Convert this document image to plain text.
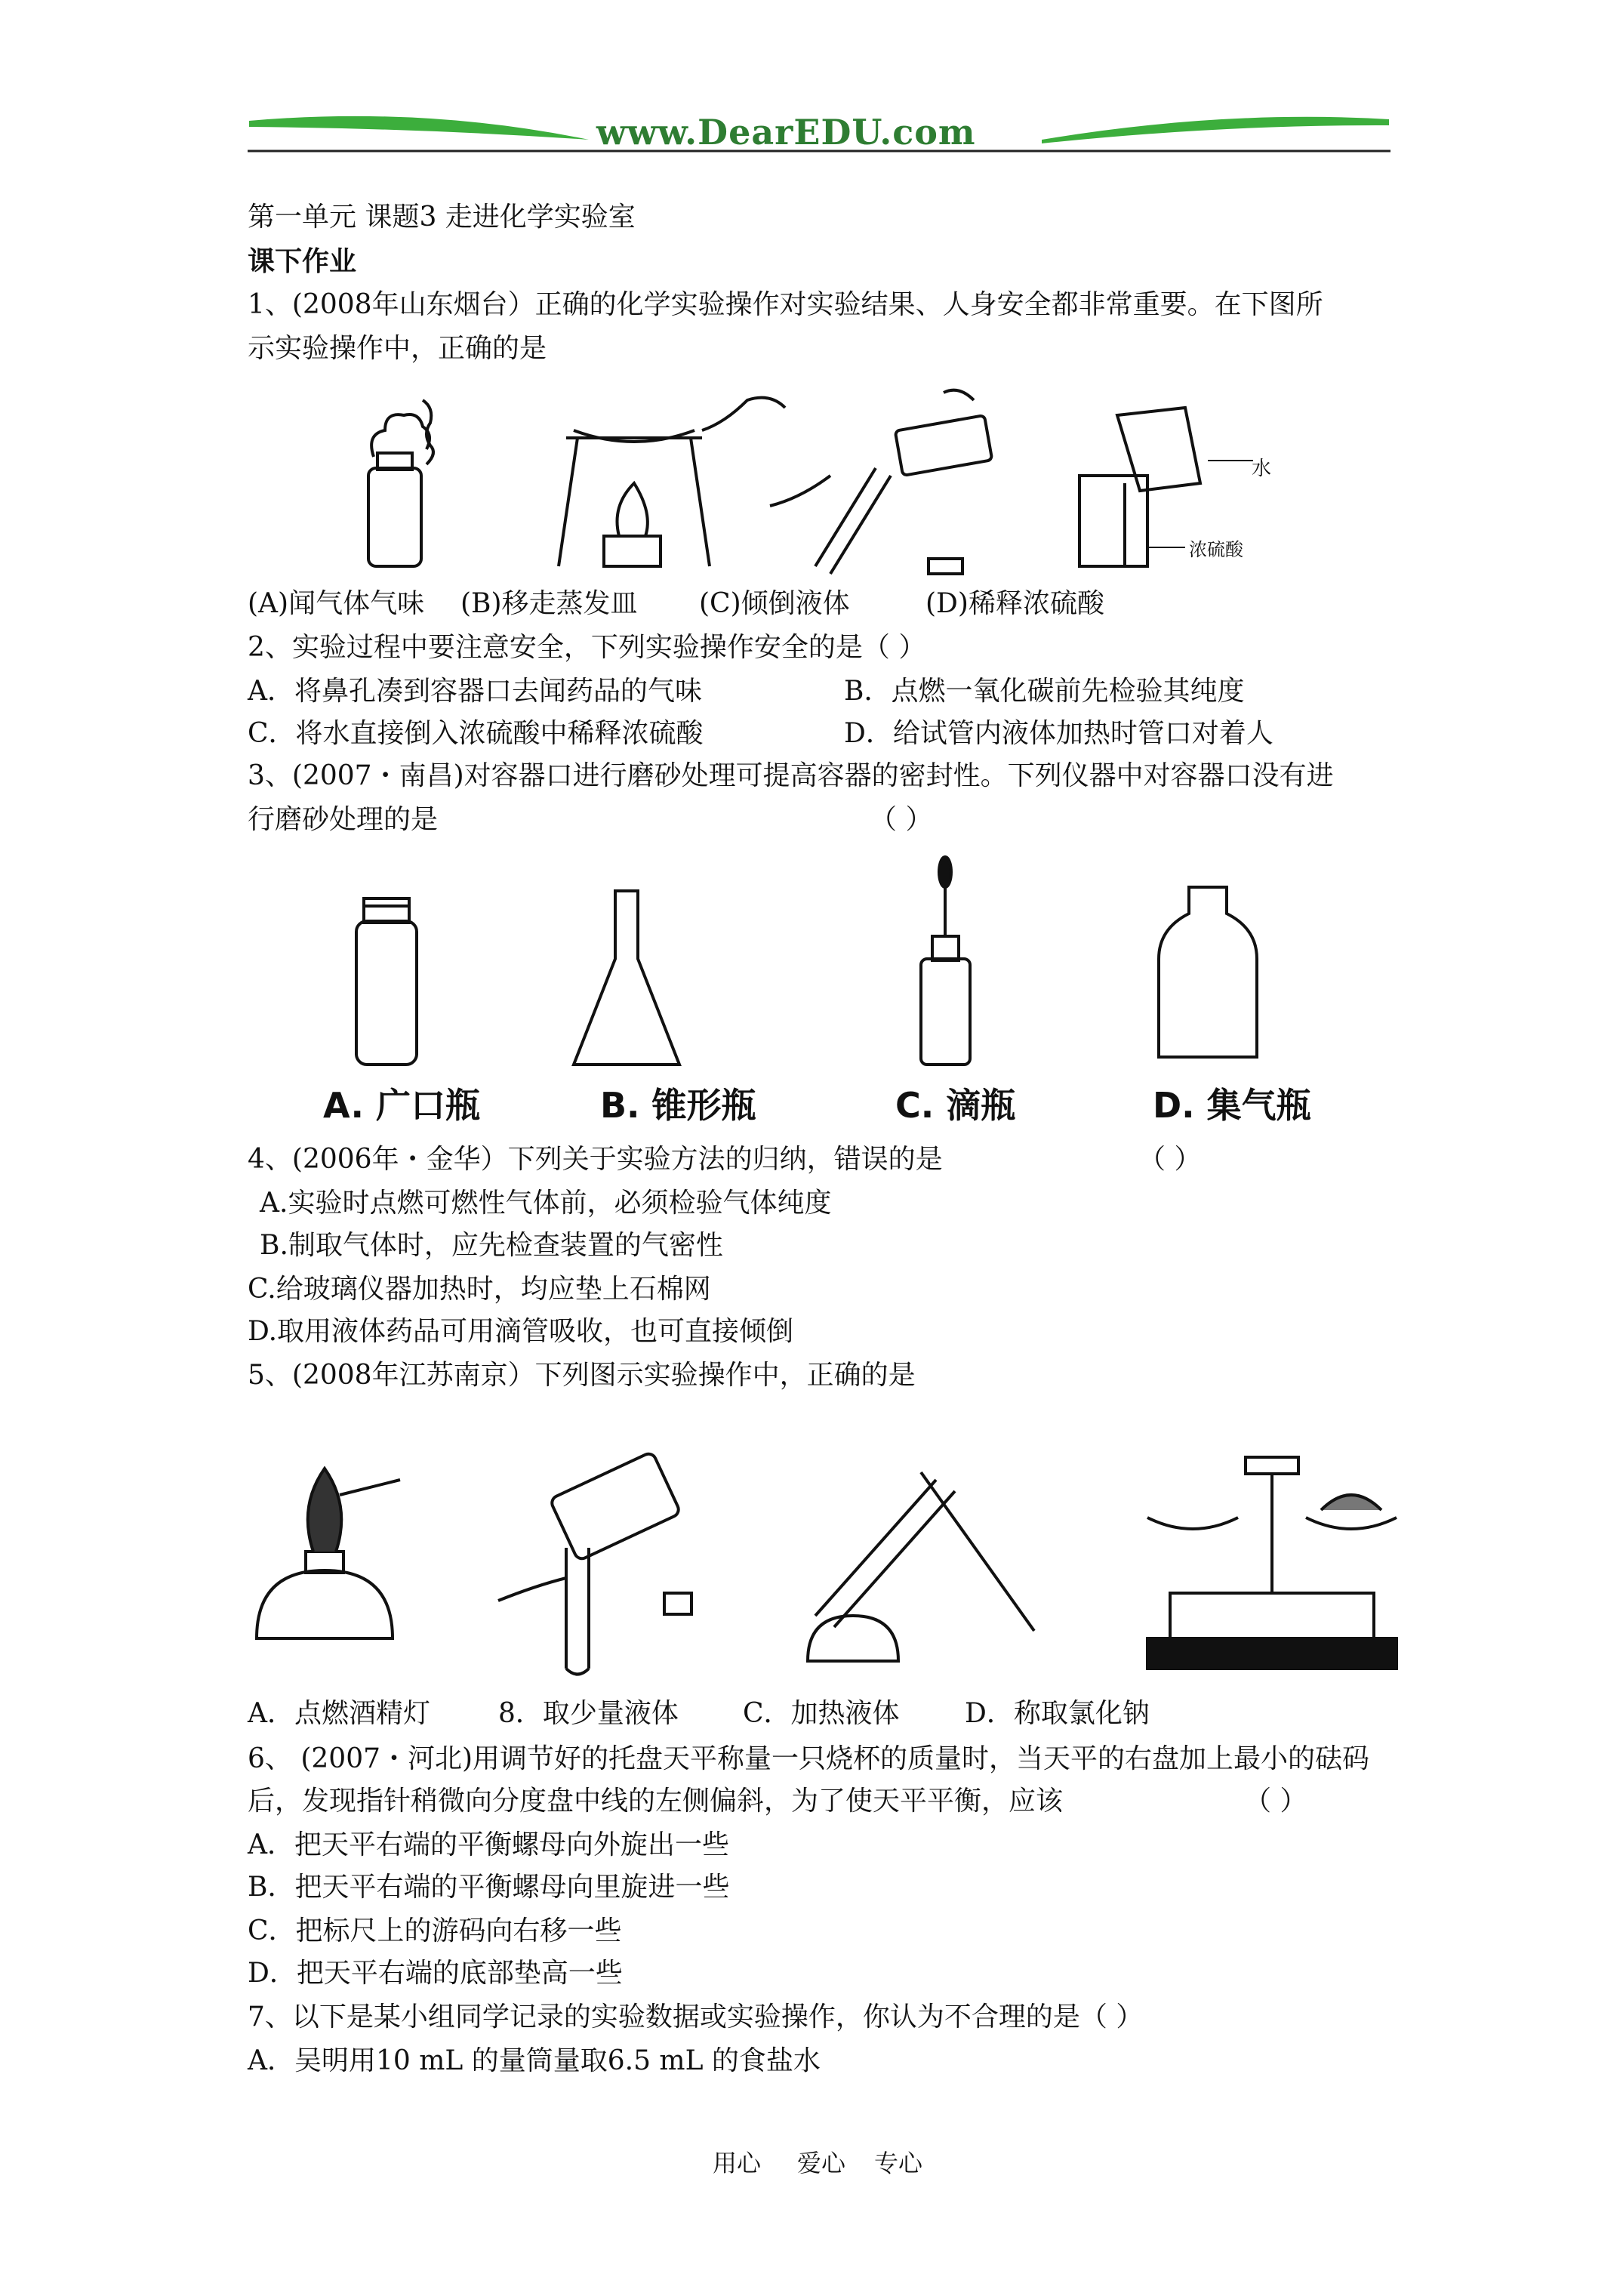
www.DearEDU.com
第一单元 课题3 走进化学实验室
课下作业
1、(2008年山东烟台）正确的化学实验操作对实验结果、人身安全都非常重要。在下图所
示实验操作中，正确的是
水
浓硫酸
(A)闻气体气味 (B)移走蒸发皿 (C)倾倒液体	(D)稀释浓硫酸
2、实验过程中要注意安全，下列实验操作安全的是（ ）
A．将鼻孔凑到容器口去闻药品的气味	B．点燃一氧化碳前先检验其纯度
C．将水直接倒入浓硫酸中稀释浓硫酸	D．给试管内液体加热时管口对着人
3、(2007・南昌)对容器口进行磨砂处理可提高容器的密封性。下列仪器中对容器口没有进
行磨砂处理的是	（ ）
A. 广口瓶	B. 锥形瓶	C. 滴瓶	D. 集气瓶
4、(2006年・金华）下列关于实验方法的归纳，错误的是	（ ）
A.实验时点燃可燃性气体前，必须检验气体纯度
B.制取气体时，应先检查装置的气密性
C.给玻璃仪器加热时，均应垫上石棉网
D.取用液体药品可用滴管吸收，也可直接倾倒
5、(2008年江苏南京）下列图示实验操作中，正确的是
A．点燃酒精灯	8．取少量液体 C．加热液体 D．称取氯化钠
6、 (2007・河北)用调节好的托盘天平称量一只烧杯的质量时，当天平的右盘加上最小的砝码
后，发现指针稍微向分度盘中线的左侧偏斜，为了使天平平衡，应该	（ ）
A．把天平右端的平衡螺母向外旋出一些
B．把天平右端的平衡螺母向里旋进一些
C．把标尺上的游码向右移一些
D．把天平右端的底部垫高一些
7、以下是某小组同学记录的实验数据或实验操作，你认为不合理的是（ ）
A．吴明用10 mL 的量筒量取6.5 mL 的食盐水
用心 爱心 专心
